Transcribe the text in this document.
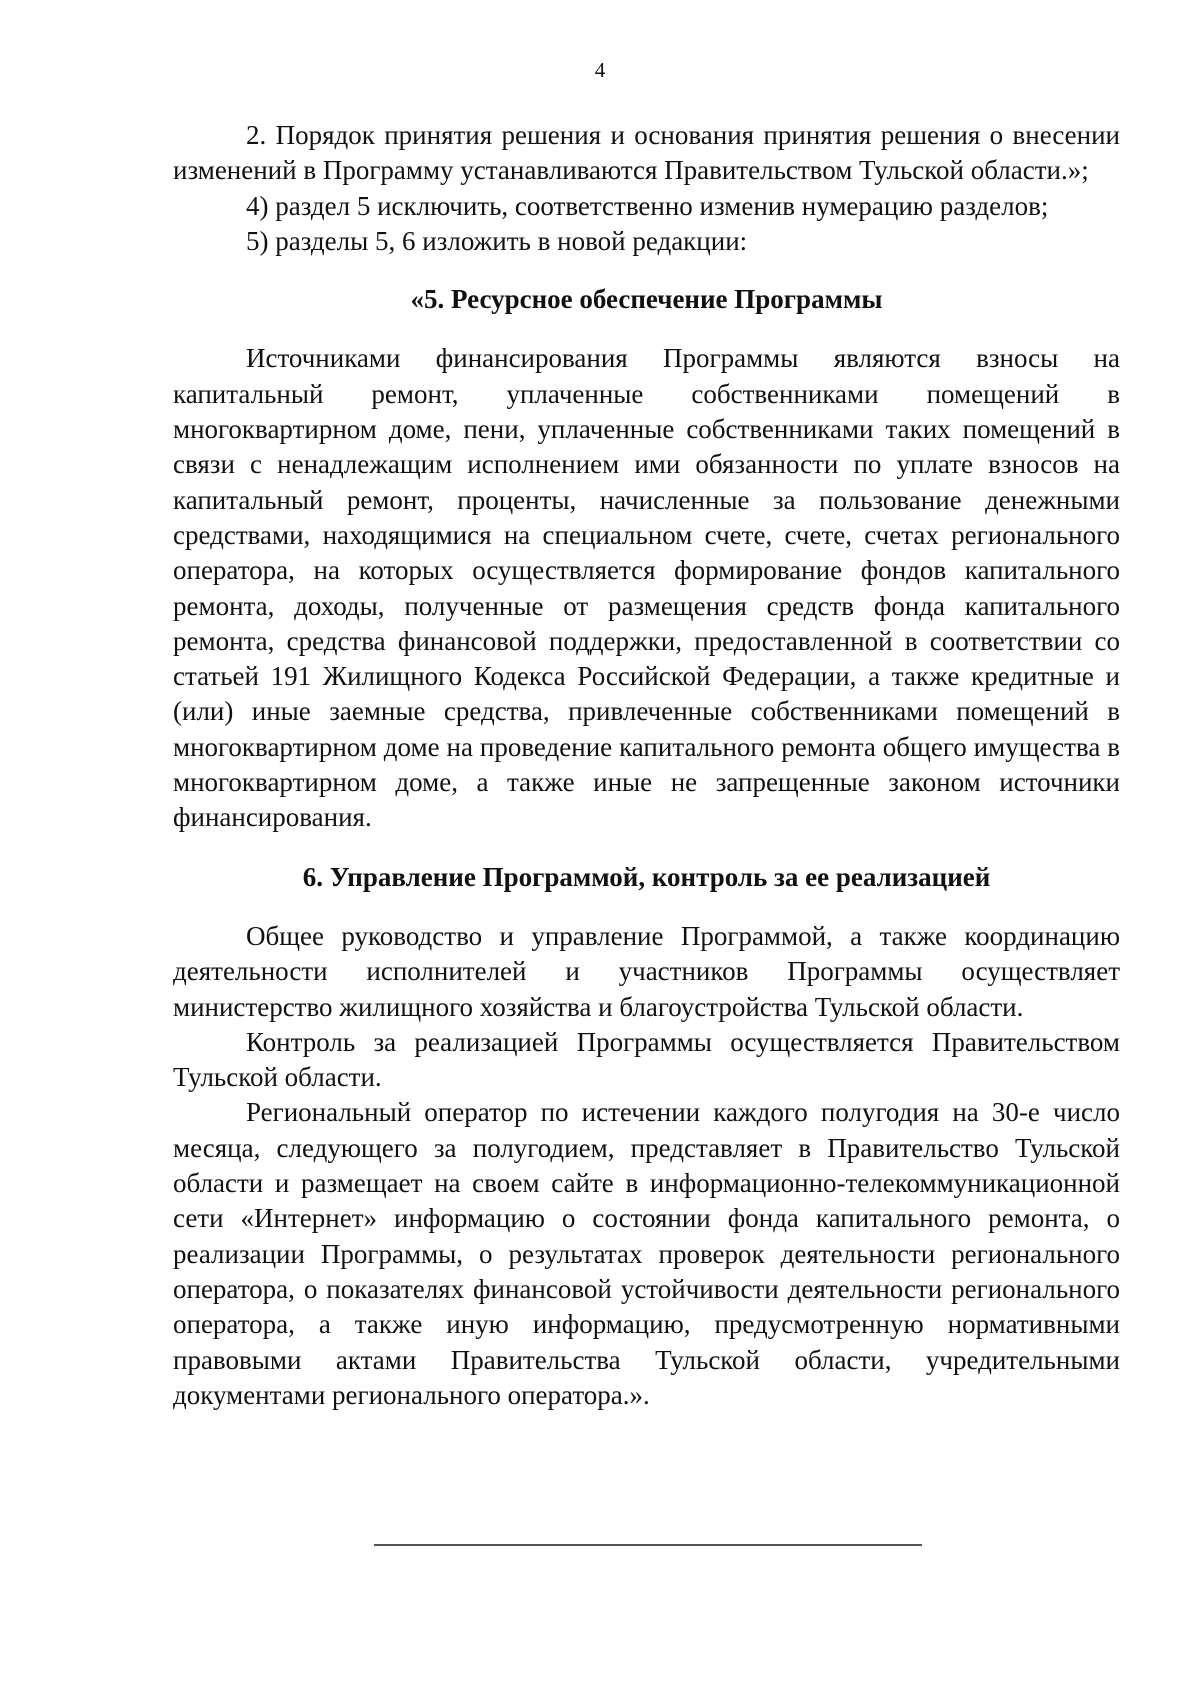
4

2. Порядок принятия решения и основания принятия решения о внесении изменений в Программу устанавливаются Правительством Тульской области.»;

4) раздел 5 исключить, соответственно изменив нумерацию разделов;

5) разделы 5, 6 изложить в новой редакции:

«5. Ресурсное обеспечение Программы

Источниками финансирования Программы являются взносы на капитальный ремонт, уплаченные собственниками помещений в многоквартирном доме, пени, уплаченные собственниками таких помещений в связи с ненадлежащим исполнением ими обязанности по уплате взносов на капитальный ремонт, проценты, начисленные за пользование денежными средствами, находящимися на специальном счете, счете, счетах регионального оператора, на которых осуществляется формирование фондов капитального ремонта, доходы, полученные от размещения средств фонда капитального ремонта, средства финансовой поддержки, предоставленной в соответствии со статьей 191 Жилищного Кодекса Российской Федерации, а также кредитные и (или) иные заемные средства, привлеченные собственниками помещений в многоквартирном доме на проведение капитального ремонта общего имущества в многоквартирном доме, а также иные не запрещенные законом источники финансирования.

6. Управление Программой, контроль за ее реализацией

Общее руководство и управление Программой, а также координацию деятельности исполнителей и участников Программы осуществляет министерство жилищного хозяйства и благоустройства Тульской области.

Контроль за реализацией Программы осуществляется Правительством Тульской области.

Региональный оператор по истечении каждого полугодия на 30-е число месяца, следующего за полугодием, представляет в Правительство Тульской области и размещает на своем сайте в информационно-телекоммуникационной сети «Интернет» информацию о состоянии фонда капитального ремонта, о реализации Программы, о результатах проверок деятельности регионального оператора, о показателях финансовой устойчивости деятельности регионального оператора, а также иную информацию, предусмотренную нормативными правовыми актами Правительства Тульской области, учредительными документами регионального оператора.».
